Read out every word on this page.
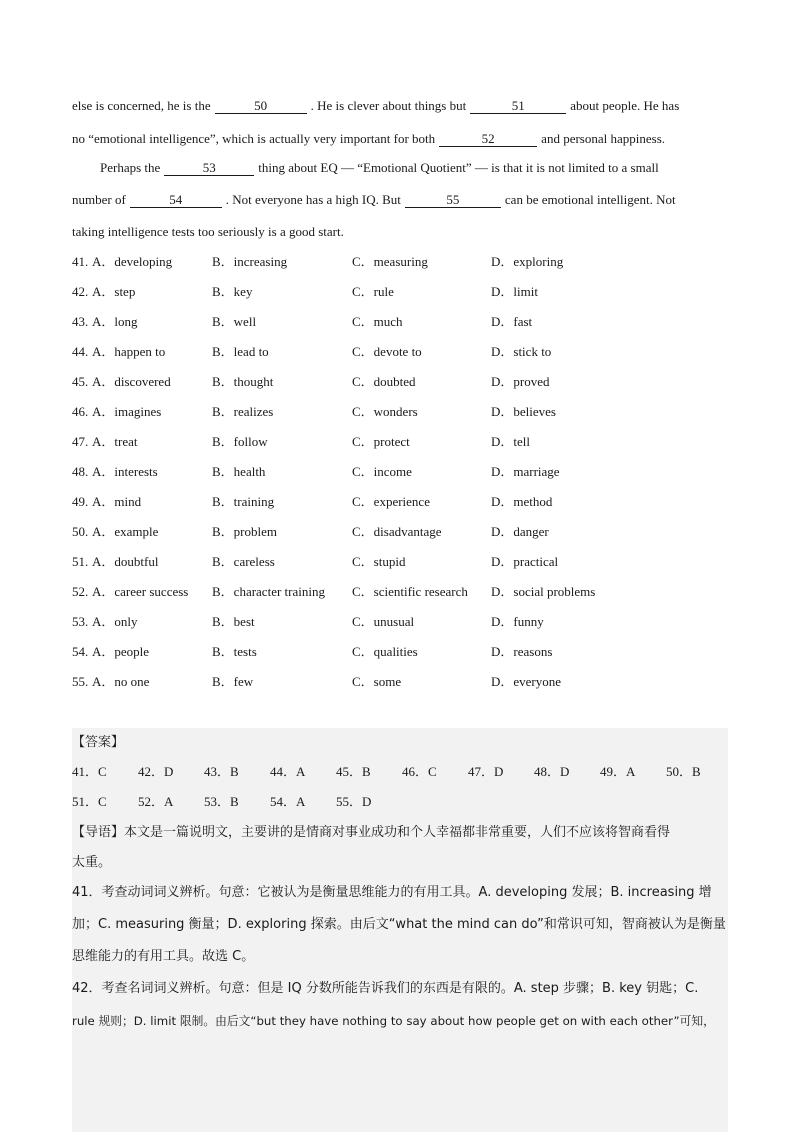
else is concerned, he is the	50	. He is clever about things but	51	about people. He has
no “emotional intelligence”, which is actually very important for both	52	and personal happiness.
Perhaps the	53	thing about EQ — “Emotional Quotient” — is that it is not limited to a small
number of	54	. Not everyone has a high IQ. But	55	can be emotional intelligent. Not
taking intelligence tests too seriously is a good start.
41. A．developing	B．increasing	C．measuring	D．exploring
42. A．step	B．key	C．rule	D．limit
43. A．long	B．well	C．much	D．fast
44. A．happen to	B．lead to	C．devote to	D．stick to
45. A．discovered	B．thought	C．doubted	D．proved
46. A．imagines	B．realizes	C．wonders	D．believes
47. A．treat	B．follow	C．protect	D．tell
48. A．interests	B．health	C．income	D．marriage
49. A．mind	B．training	C．experience	D．method
50. A．example	B．problem	C．disadvantage	D．danger
51. A．doubtful	B．careless	C．stupid	D．practical
52. A．career success B．character training C．scientific research D．social problems
53. A．only	B．best	C．unusual	D．funny
54. A．people	B．tests	C．qualities	D．reasons
55. A．no one	B．few	C．some	D．everyone
【答案】
41．C 42．D 43．B 44．A 45．B 46．C 47．D 48．D 49．A 50．B
51．C 52．A 53．B 54．A 55．D
【导语】本文是一篇说明文，主要讲的是情商对事业成功和个人幸福都非常重要，人们不应该将智商看得
太重。
41．考查动词词义辨析。句意：它被认为是衡量思维能力的有用工具。A. developing 发展；B. increasing 增
加；C. measuring 衡量；D. exploring 探索。由后文“what the mind can do”和常识可知，智商被认为是衡量
思维能力的有用工具。故选 C。
42．考查名词词义辨析。句意：但是 IQ 分数所能告诉我们的东西是有限的。A. step 步骤；B. key 钥匙；C.
rule 规则；D. limit 限制。由后文“but they have nothing to say about how people get on with each other”可知，
